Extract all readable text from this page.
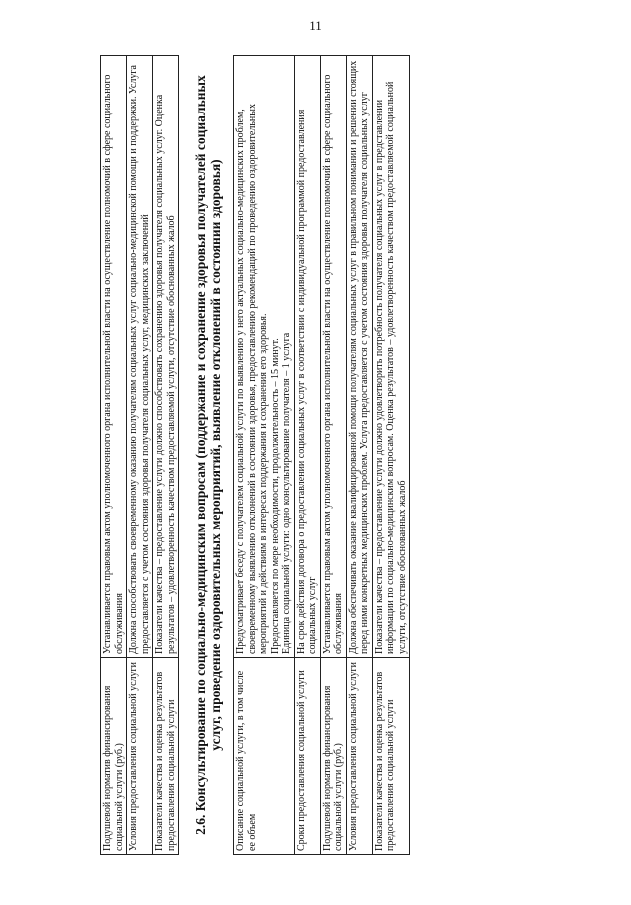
11
Подушевой норматив финансирования социальной услуги (руб.)	Устанавливается правовым актом уполномоченного органа исполнительной власти на осуществление полномочий в сфере социального обслуживания

Условия предоставления социальной услуги	Должна способствовать своевременному оказанию получателям социальных услуг социально-медицинской помощи и поддержки. Услуга предоставляется с учетом состояния здоровья получателя социальных услуг, медицинских заключений

Показатели качества и оценка результатов предоставления социальной услуги	Показатели качества – предоставление услуги должно способствовать сохранению здоровья получателя социальных услуг. Оценка результатов – удовлетворенность качеством предоставляемой услуги, отсутствие обоснованных жалоб 2.6. Консультирование по социально-медицинским вопросам (поддержание и сохранение здоровья получателей социальных услуг, проведение оздоровительных мероприятий, выявление отклонений в состоянии здоровья)
Описание социальной услуги, в том числе ее объем	Предусматривает беседу с получателем социальной услуги по выявлению у него актуальных социально-медицинских проблем, своевременному выявлению отклонений в состоянии здоровья, предоставлению рекомендаций по проведению оздоровительных мероприятий и действиям в интересах поддержания и сохранения его здоровья. Предоставляется по мере необходимости, продолжительность – 15 минут. Единица социальной услуги: одно консультирование получателя – 1 услуга

Сроки предоставления социальной услуги	На срок действия договора о предоставлении социальных услуг в соответствии с индивидуальной программой предоставления социальных услуг

Подушевой норматив финансирования социальной услуги (руб.)	Устанавливается правовым актом уполномоченного органа исполнительной власти на осуществление полномочий в сфере социального обслуживания

Условия предоставления социальной услуги	Должна обеспечивать оказание квалифицированной помощи получателям социальных услуг в правильном понимании и решении стоящих перед ними конкретных медицинских проблем. Услуга предоставляется с учетом состояния здоровья получателя социальных услуг

Показатели качества и оценка результатов предоставления социальной услуги	Показатели качества – предоставление услуги должно удовлетворить потребность получателя социальных услуг в представлении информации по социально-медицинским вопросам. Оценка результатов – удовлетворенность качеством предоставляемой социальной услуги, отсутствие обоснованных жалоб
